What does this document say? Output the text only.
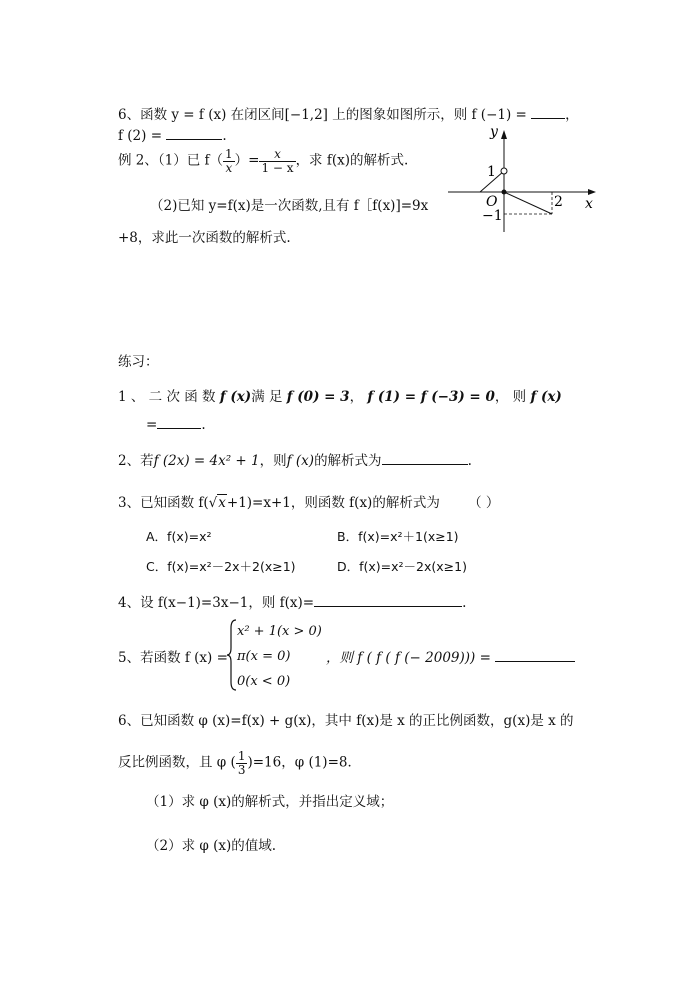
6、函数 y = f (x) 在闭区间[−1,2] 上的图象如图所示，则 f (−1) =	，
f (2) =	.
例 2、（1）已 $f( \frac{1}{x}$ ）= $\frac{x}{1 - x}$ ，求 f(x)的解析式.
（2)已知 y=f(x)是一次函数,且有 f［f(x)]=9x
+8，求此一次函数的解析式.
y
x
O
1
−1
2
练习：
1 、 二 次 函 数 f (x)满 足 f (0) = 3， f (1) = f (−3) = 0， 则 f (x)
=	.
2、若f (2x) = 4x² + 1，则f (x)的解析式为	.
3、已知函数 f(√x+1)=x+1，则函数 f(x)的解析式为 （ ）
A．f(x)=x²	B．f(x)=x²＋1(x≥1)
C．f(x)=x²－2x＋2(x≥1)	D．f(x)=x²－2x(x≥1)
4、设 f(x−1)=3x−1，则 f(x)=	.
5、若函数 f (x) =
x² + 1(x > 0)
π(x = 0)
0(x < 0)
，则 f ( f ( f (− 2009))) =
6、已知函数 φ (x)=f(x) + g(x)，其中 f(x)是 x 的正比例函数，g(x)是 x 的
反比例函数，且 φ ( $\frac{1}{3} )=16$，φ (1)=8．
（1）求 φ (x)的解析式，并指出定义域；
（2）求 φ (x)的值域.
